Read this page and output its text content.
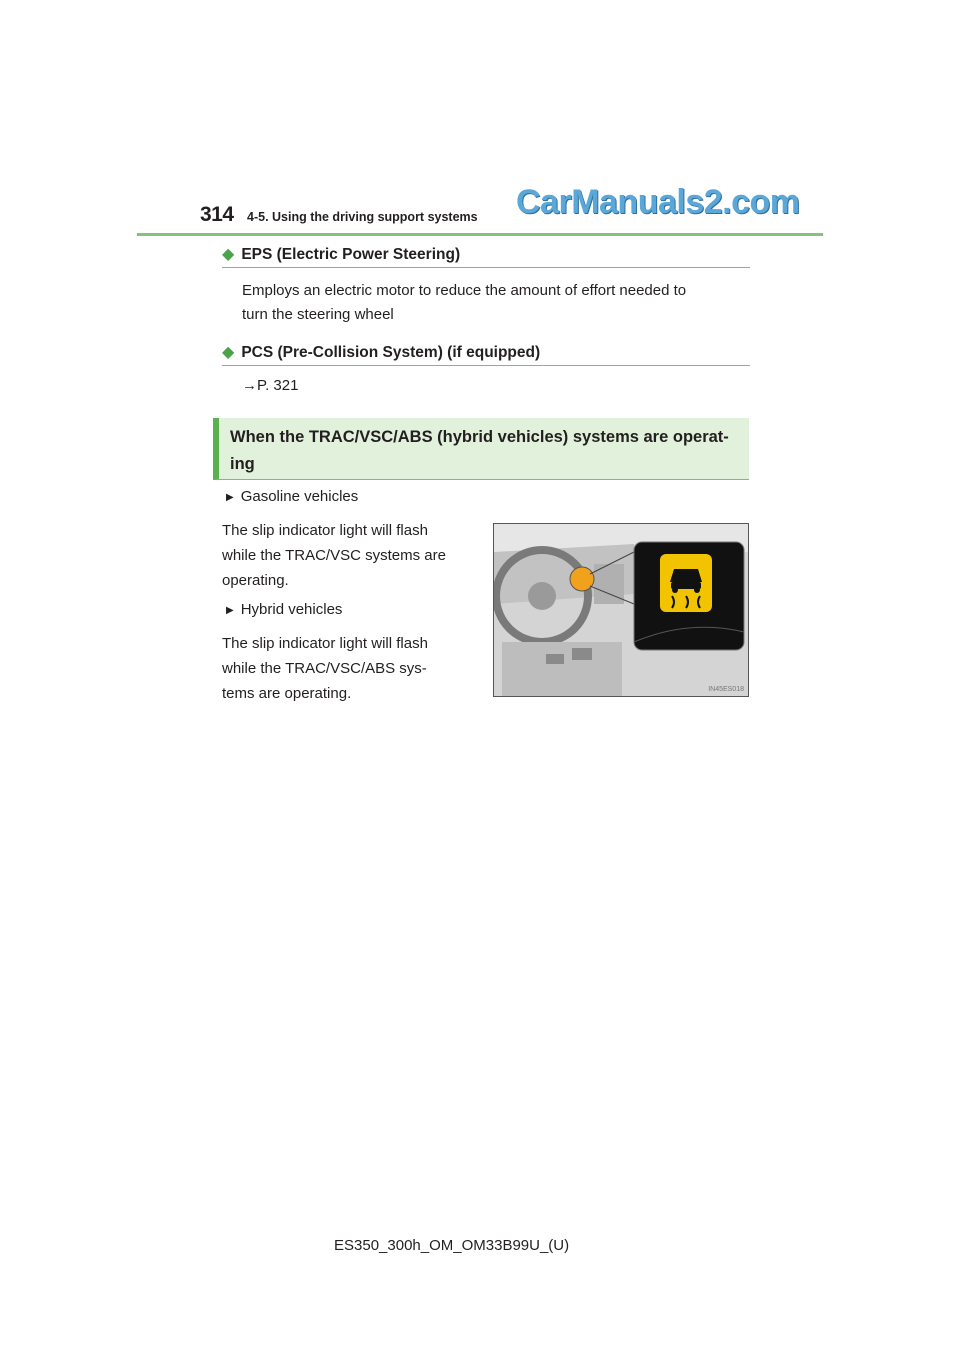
314 4-5. Using the driving support systems CarManuals2.com
◆ EPS (Electric Power Steering)
Employs an electric motor to reduce the amount of effort needed to
turn the steering wheel
◆ PCS (Pre-Collision System) (if equipped)
→P. 321
When the TRAC/VSC/ABS (hybrid vehicles) systems are operat-
ing
▶ Gasoline vehicles
The slip indicator light will flash
while the TRAC/VSC systems are
operating.
▶ Hybrid vehicles
The slip indicator light will flash
while the TRAC/VSC/ABS sys-
tems are operating.	IN45ES018
ES350_300h_OM_OM33B99U_(U)
